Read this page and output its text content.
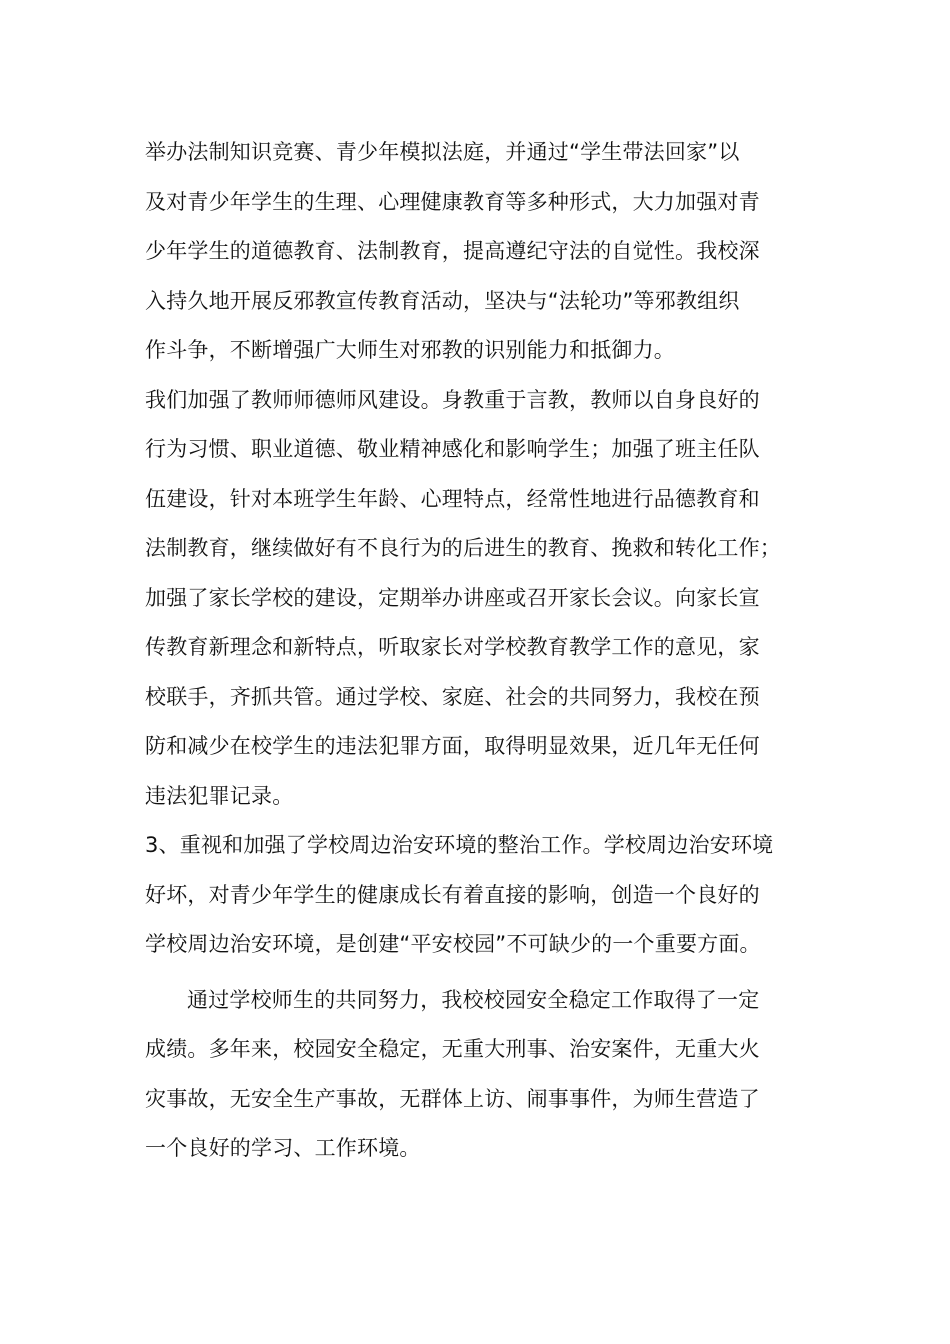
举办法制知识竞赛、青少年模拟法庭，并通过“学生带法回家”以
及对青少年学生的生理、心理健康教育等多种形式，大力加强对青
少年学生的道德教育、法制教育，提高遵纪守法的自觉性。我校深
入持久地开展反邪教宣传教育活动，坚决与“法轮功”等邪教组织
作斗争，不断增强广大师生对邪教的识别能力和抵御力。
我们加强了教师师德师风建设。身教重于言教，教师以自身良好的
行为习惯、职业道德、敬业精神感化和影响学生；加强了班主任队
伍建设，针对本班学生年龄、心理特点，经常性地进行品德教育和
法制教育，继续做好有不良行为的后进生的教育、挽救和转化工作；
加强了家长学校的建设，定期举办讲座或召开家长会议。向家长宣
传教育新理念和新特点，听取家长对学校教育教学工作的意见，家
校联手，齐抓共管。通过学校、家庭、社会的共同努力，我校在预
防和减少在校学生的违法犯罪方面，取得明显效果，近几年无任何
违法犯罪记录。
3、重视和加强了学校周边治安环境的整治工作。学校周边治安环境
好坏，对青少年学生的健康成长有着直接的影响，创造一个良好的
学校周边治安环境，是创建“平安校园”不可缺少的一个重要方面。
通过学校师生的共同努力，我校校园安全稳定工作取得了一定
成绩。多年来，校园安全稳定，无重大刑事、治安案件，无重大火
灾事故，无安全生产事故，无群体上访、闹事事件，为师生营造了
一个良好的学习、工作环境。
